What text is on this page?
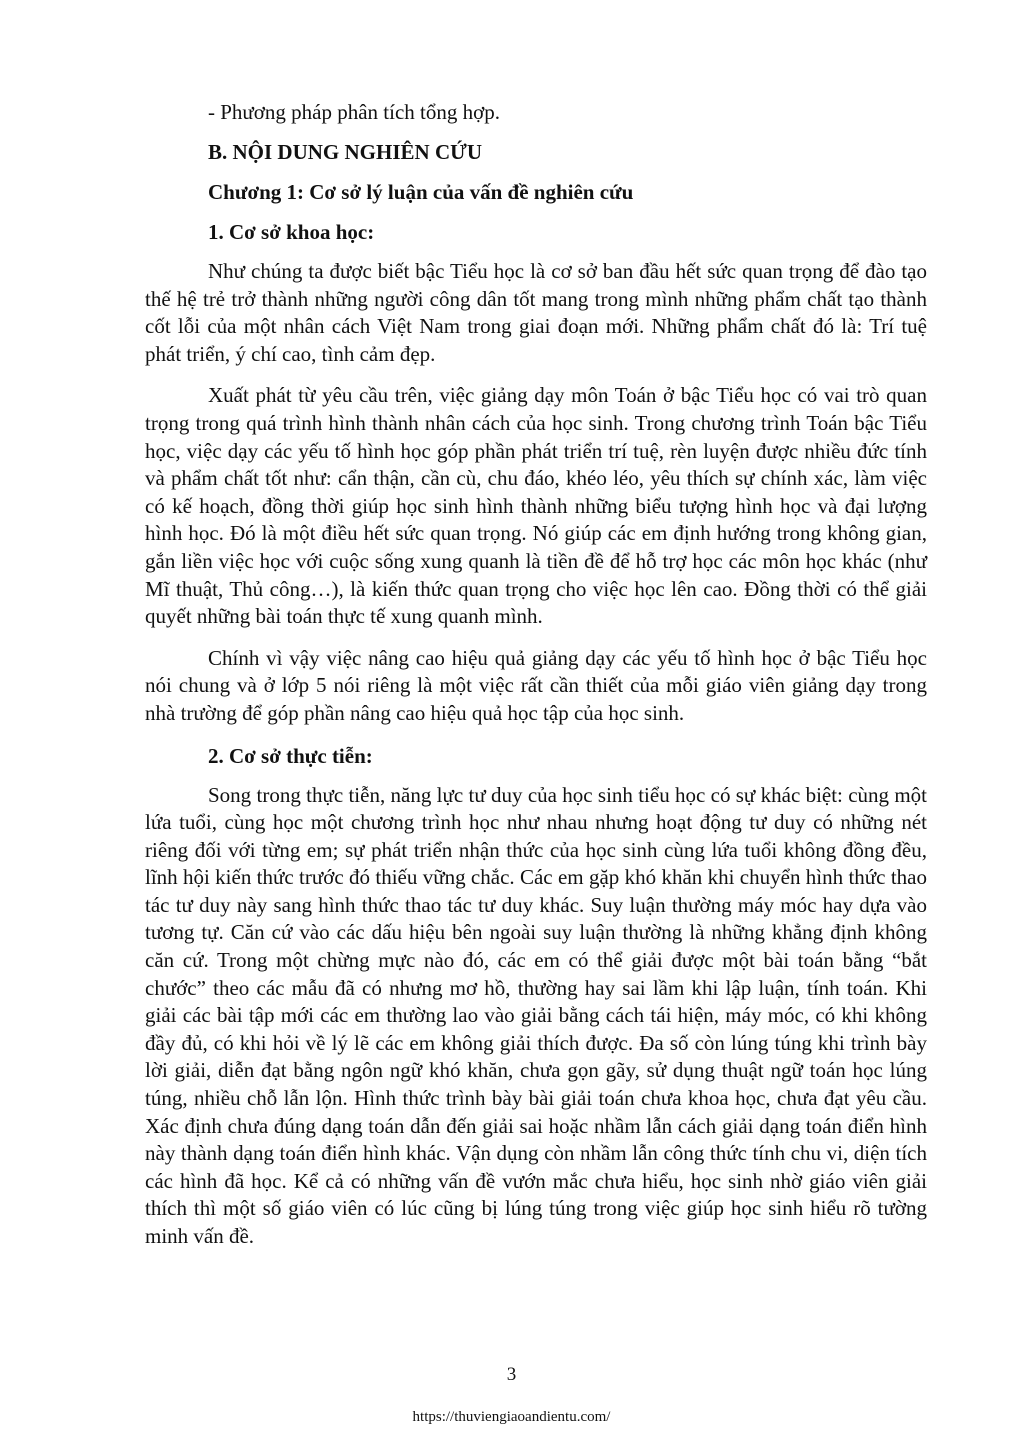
- Phương pháp phân tích tổng hợp.

B. NỘI DUNG NGHIÊN CỨU

Chương 1: Cơ sở lý luận của vấn đề nghiên cứu

1. Cơ sở khoa học:

Như chúng ta được biết bậc Tiểu học là cơ sở ban đầu hết sức quan trọng để đào tạo thế hệ trẻ trở thành những người công dân tốt mang trong mình những phẩm chất tạo thành cốt lỗi của một nhân cách Việt Nam trong giai đoạn mới. Những phẩm chất đó là: Trí tuệ phát triển, ý chí cao, tình cảm đẹp.

Xuất phát từ yêu cầu trên, việc giảng dạy môn Toán ở bậc Tiểu học có vai trò quan trọng trong quá trình hình thành nhân cách của học sinh. Trong chương trình Toán bậc Tiểu học, việc dạy các yếu tố hình học góp phần phát triển trí tuệ, rèn luyện được nhiều đức tính và phẩm chất tốt như: cẩn thận, cần cù, chu đáo, khéo léo, yêu thích sự chính xác, làm việc có kế hoạch, đồng thời giúp học sinh hình thành những biểu tượng hình học và đại lượng hình học. Đó là một điều hết sức quan trọng. Nó giúp các em định hướng trong không gian, gắn liền việc học với cuộc sống xung quanh là tiền đề để hỗ trợ học các môn học khác (như Mĩ thuật, Thủ công…), là kiến thức quan trọng cho việc học lên cao. Đồng thời có thể giải quyết những bài toán thực tế xung quanh mình.

Chính vì vậy việc nâng cao hiệu quả giảng dạy các yếu tố hình học ở bậc Tiểu học nói chung và ở lớp 5 nói riêng là một việc rất cần thiết của mỗi giáo viên giảng dạy trong nhà trường để góp phần nâng cao hiệu quả học tập của học sinh.

2. Cơ sở thực tiễn:

Song trong thực tiễn, năng lực tư duy của học sinh tiểu học có sự khác biệt: cùng một lứa tuổi, cùng học một chương trình học như nhau nhưng hoạt động tư duy có những nét riêng đối với từng em; sự phát triển nhận thức của học sinh cùng lứa tuổi không đồng đều, lĩnh hội kiến thức trước đó thiếu vững chắc. Các em gặp khó khăn khi chuyển hình thức thao tác tư duy này sang hình thức thao tác tư duy khác. Suy luận thường máy móc hay dựa vào tương tự. Căn cứ vào các dấu hiệu bên ngoài suy luận thường là những khẳng định không căn cứ. Trong một chừng mực nào đó, các em có thể giải được một bài toán bằng “bắt chước” theo các mẫu đã có nhưng mơ hồ, thường hay sai lầm khi lập luận, tính toán. Khi giải các bài tập mới các em thường lao vào giải bằng cách tái hiện, máy móc, có khi không đầy đủ, có khi hỏi về lý lẽ các em không giải thích được. Đa số còn lúng túng khi trình bày lời giải, diễn đạt bằng ngôn ngữ khó khăn, chưa gọn gãy, sử dụng thuật ngữ toán học lúng túng, nhiều chỗ lẫn lộn. Hình thức trình bày bài giải toán chưa khoa học, chưa đạt yêu cầu. Xác định chưa đúng dạng toán dẫn đến giải sai hoặc nhầm lẫn cách giải dạng toán điển hình này thành dạng toán điển hình khác. Vận dụng còn nhầm lẫn công thức tính chu vi, diện tích các hình đã học. Kể cả có những vấn đề vướn mắc chưa hiểu, học sinh nhờ giáo viên giải thích thì một số giáo viên có lúc cũng bị lúng túng trong việc giúp học sinh hiểu rõ tường minh vấn đề.

3
https://thuviengiaoandientu.com/
